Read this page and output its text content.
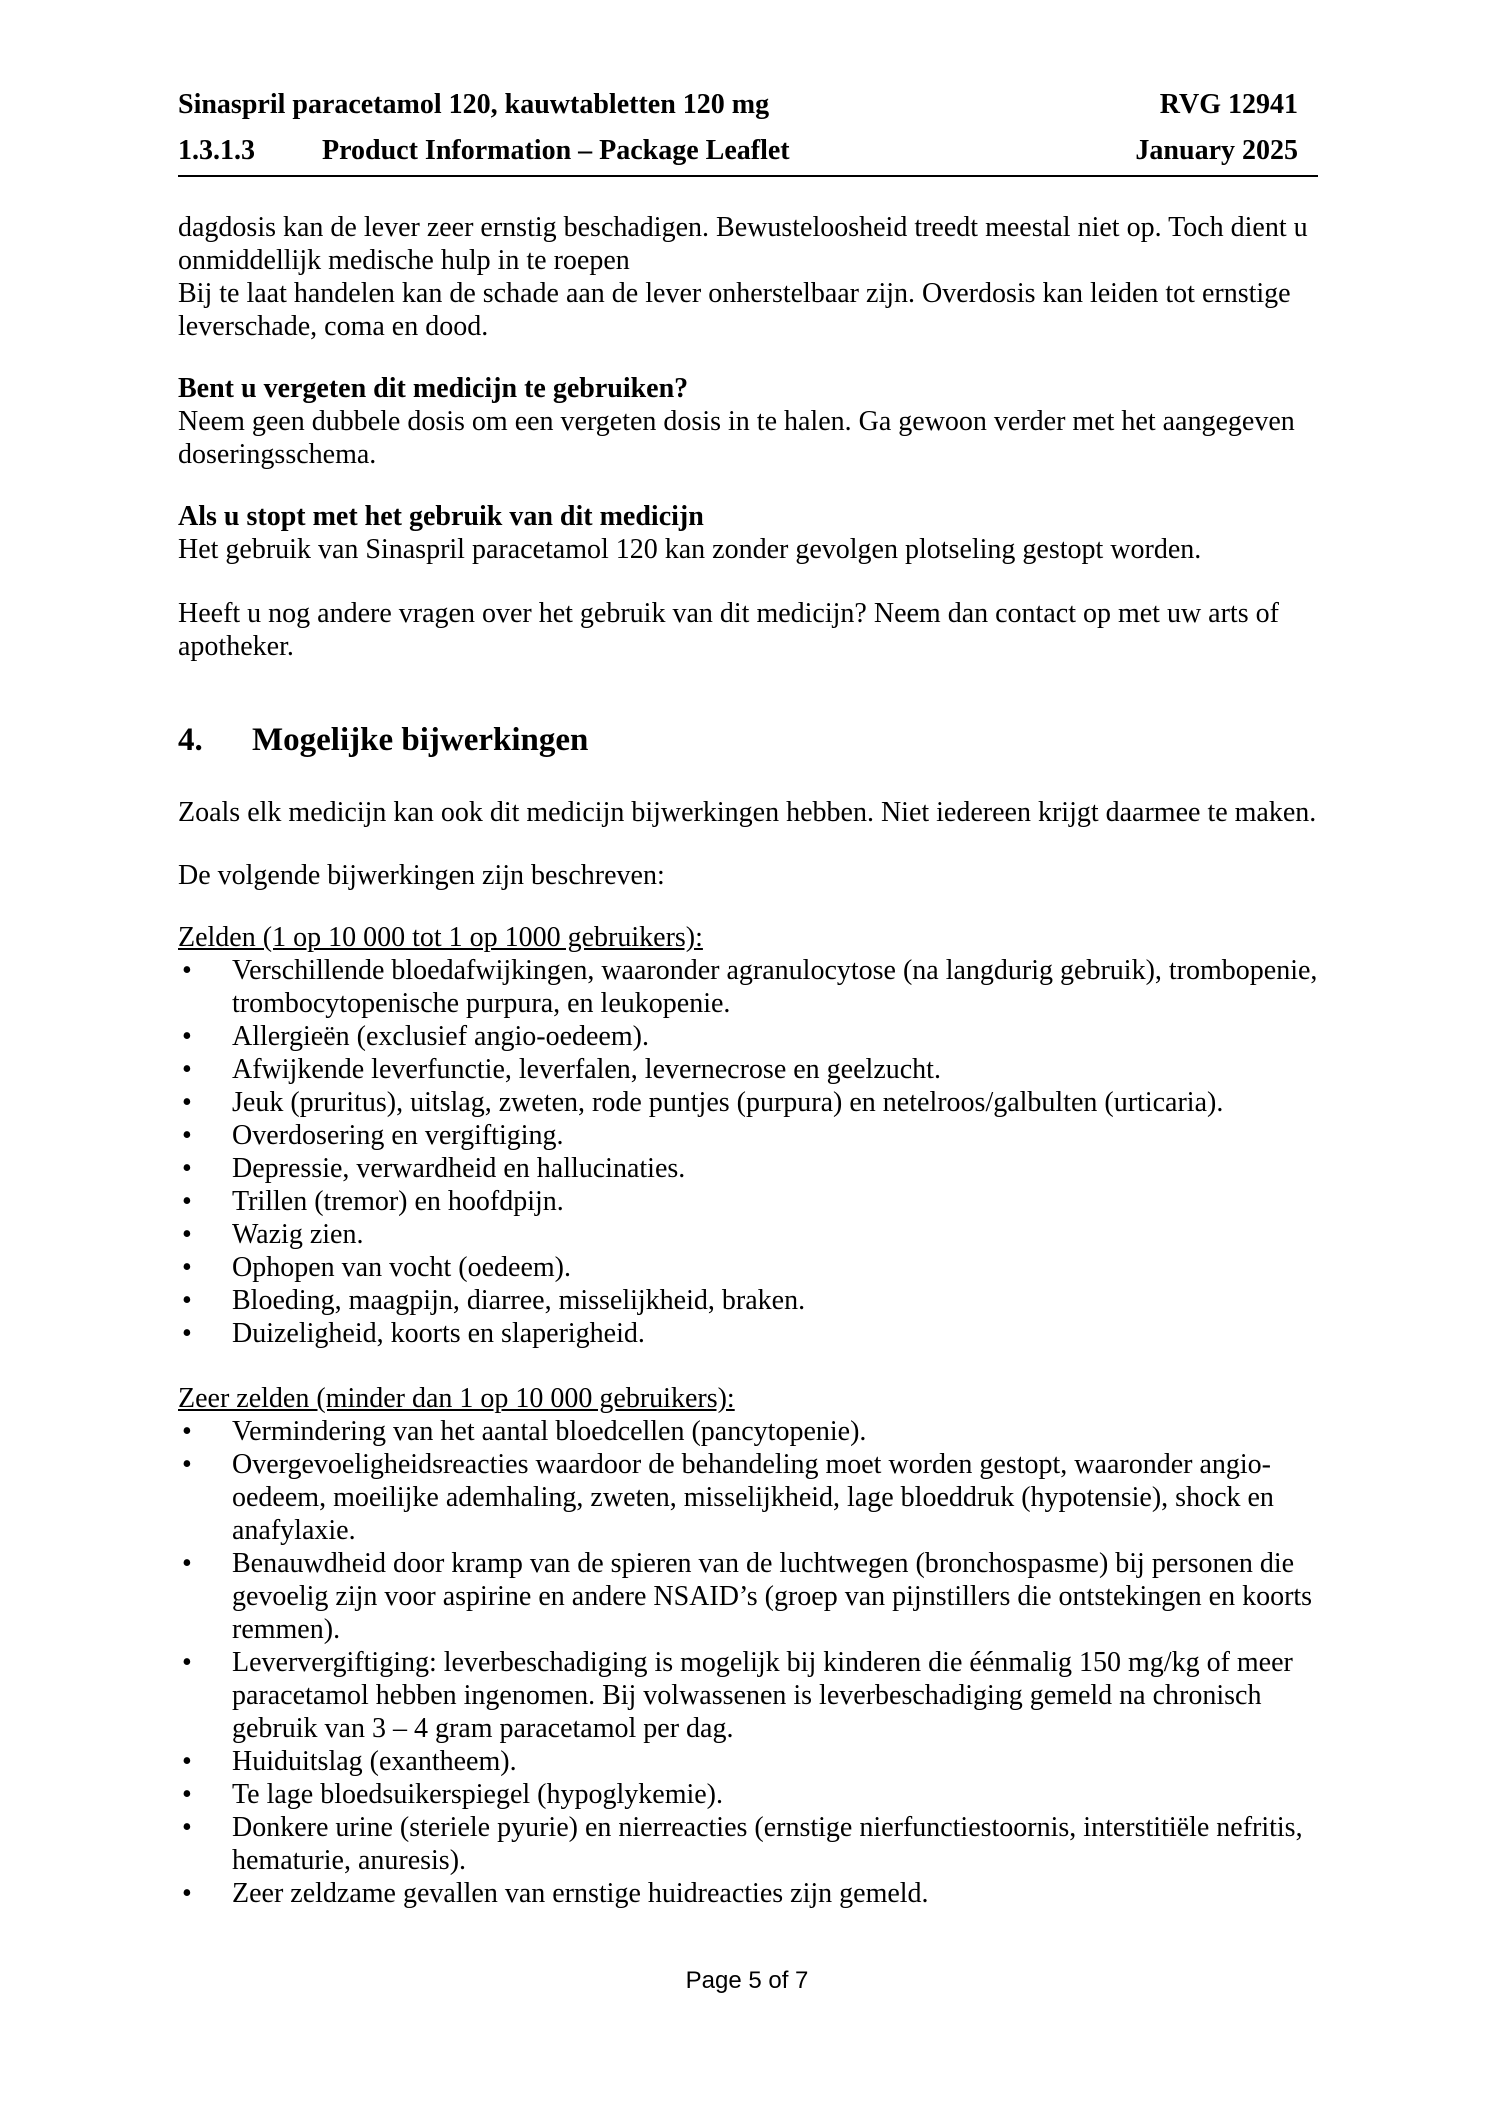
Sinaspril paracetamol 120, kauwtabletten 120 mg	RVG 12941
1.3.1.3	Product Information – Package Leaflet	January 2025
dagdosis kan de lever zeer ernstig beschadigen. Bewusteloosheid treedt meestal niet op. Toch dient u onmiddellijk medische hulp in te roepen
Bij te laat handelen kan de schade aan de lever onherstelbaar zijn. Overdosis kan leiden tot ernstige leverschade, coma en dood.
Bent u vergeten dit medicijn te gebruiken?
Neem geen dubbele dosis om een vergeten dosis in te halen. Ga gewoon verder met het aangegeven doseringsschema.
Als u stopt met het gebruik van dit medicijn
Het gebruik van Sinaspril paracetamol 120 kan zonder gevolgen plotseling gestopt worden.
Heeft u nog andere vragen over het gebruik van dit medicijn? Neem dan contact op met uw arts of apotheker.
4.	Mogelijke bijwerkingen
Zoals elk medicijn kan ook dit medicijn bijwerkingen hebben. Niet iedereen krijgt daarmee te maken.
De volgende bijwerkingen zijn beschreven:
Zelden (1 op 10 000 tot 1 op 1000 gebruikers):
• Verschillende bloedafwijkingen, waaronder agranulocytose (na langdurig gebruik), trombopenie, trombocytopenische purpura, en leukopenie.
• Allergieën (exclusief angio-oedeem).
• Afwijkende leverfunctie, leverfalen, levernecrose en geelzucht.
• Jeuk (pruritus), uitslag, zweten, rode puntjes (purpura) en netelroos/galbulten (urticaria).
• Overdosering en vergiftiging.
• Depressie, verwardheid en hallucinaties.
• Trillen (tremor) en hoofdpijn.
• Wazig zien.
• Ophopen van vocht (oedeem).
• Bloeding, maagpijn, diarree, misselijkheid, braken.
• Duizeligheid, koorts en slaperigheid.
Zeer zelden (minder dan 1 op 10 000 gebruikers):
• Vermindering van het aantal bloedcellen (pancytopenie).
• Overgevoeligheidsreacties waardoor de behandeling moet worden gestopt, waaronder angio-oedeem, moeilijke ademhaling, zweten, misselijkheid, lage bloeddruk (hypotensie), shock en anafylaxie.
• Benauwdheid door kramp van de spieren van de luchtwegen (bronchospasme) bij personen die gevoelig zijn voor aspirine en andere NSAID’s (groep van pijnstillers die ontstekingen en koorts remmen).
• Leververgiftiging: leverbeschadiging is mogelijk bij kinderen die éénmalig 150 mg/kg of meer paracetamol hebben ingenomen. Bij volwassenen is leverbeschadiging gemeld na chronisch gebruik van 3 – 4 gram paracetamol per dag.
• Huiduitslag (exantheem).
• Te lage bloedsuikerspiegel (hypoglykemie).
• Donkere urine (steriele pyurie) en nierreacties (ernstige nierfunctiestoornis, interstitiële nefritis, hematurie, anuresis).
• Zeer zeldzame gevallen van ernstige huidreacties zijn gemeld.
Page 5 of 7
